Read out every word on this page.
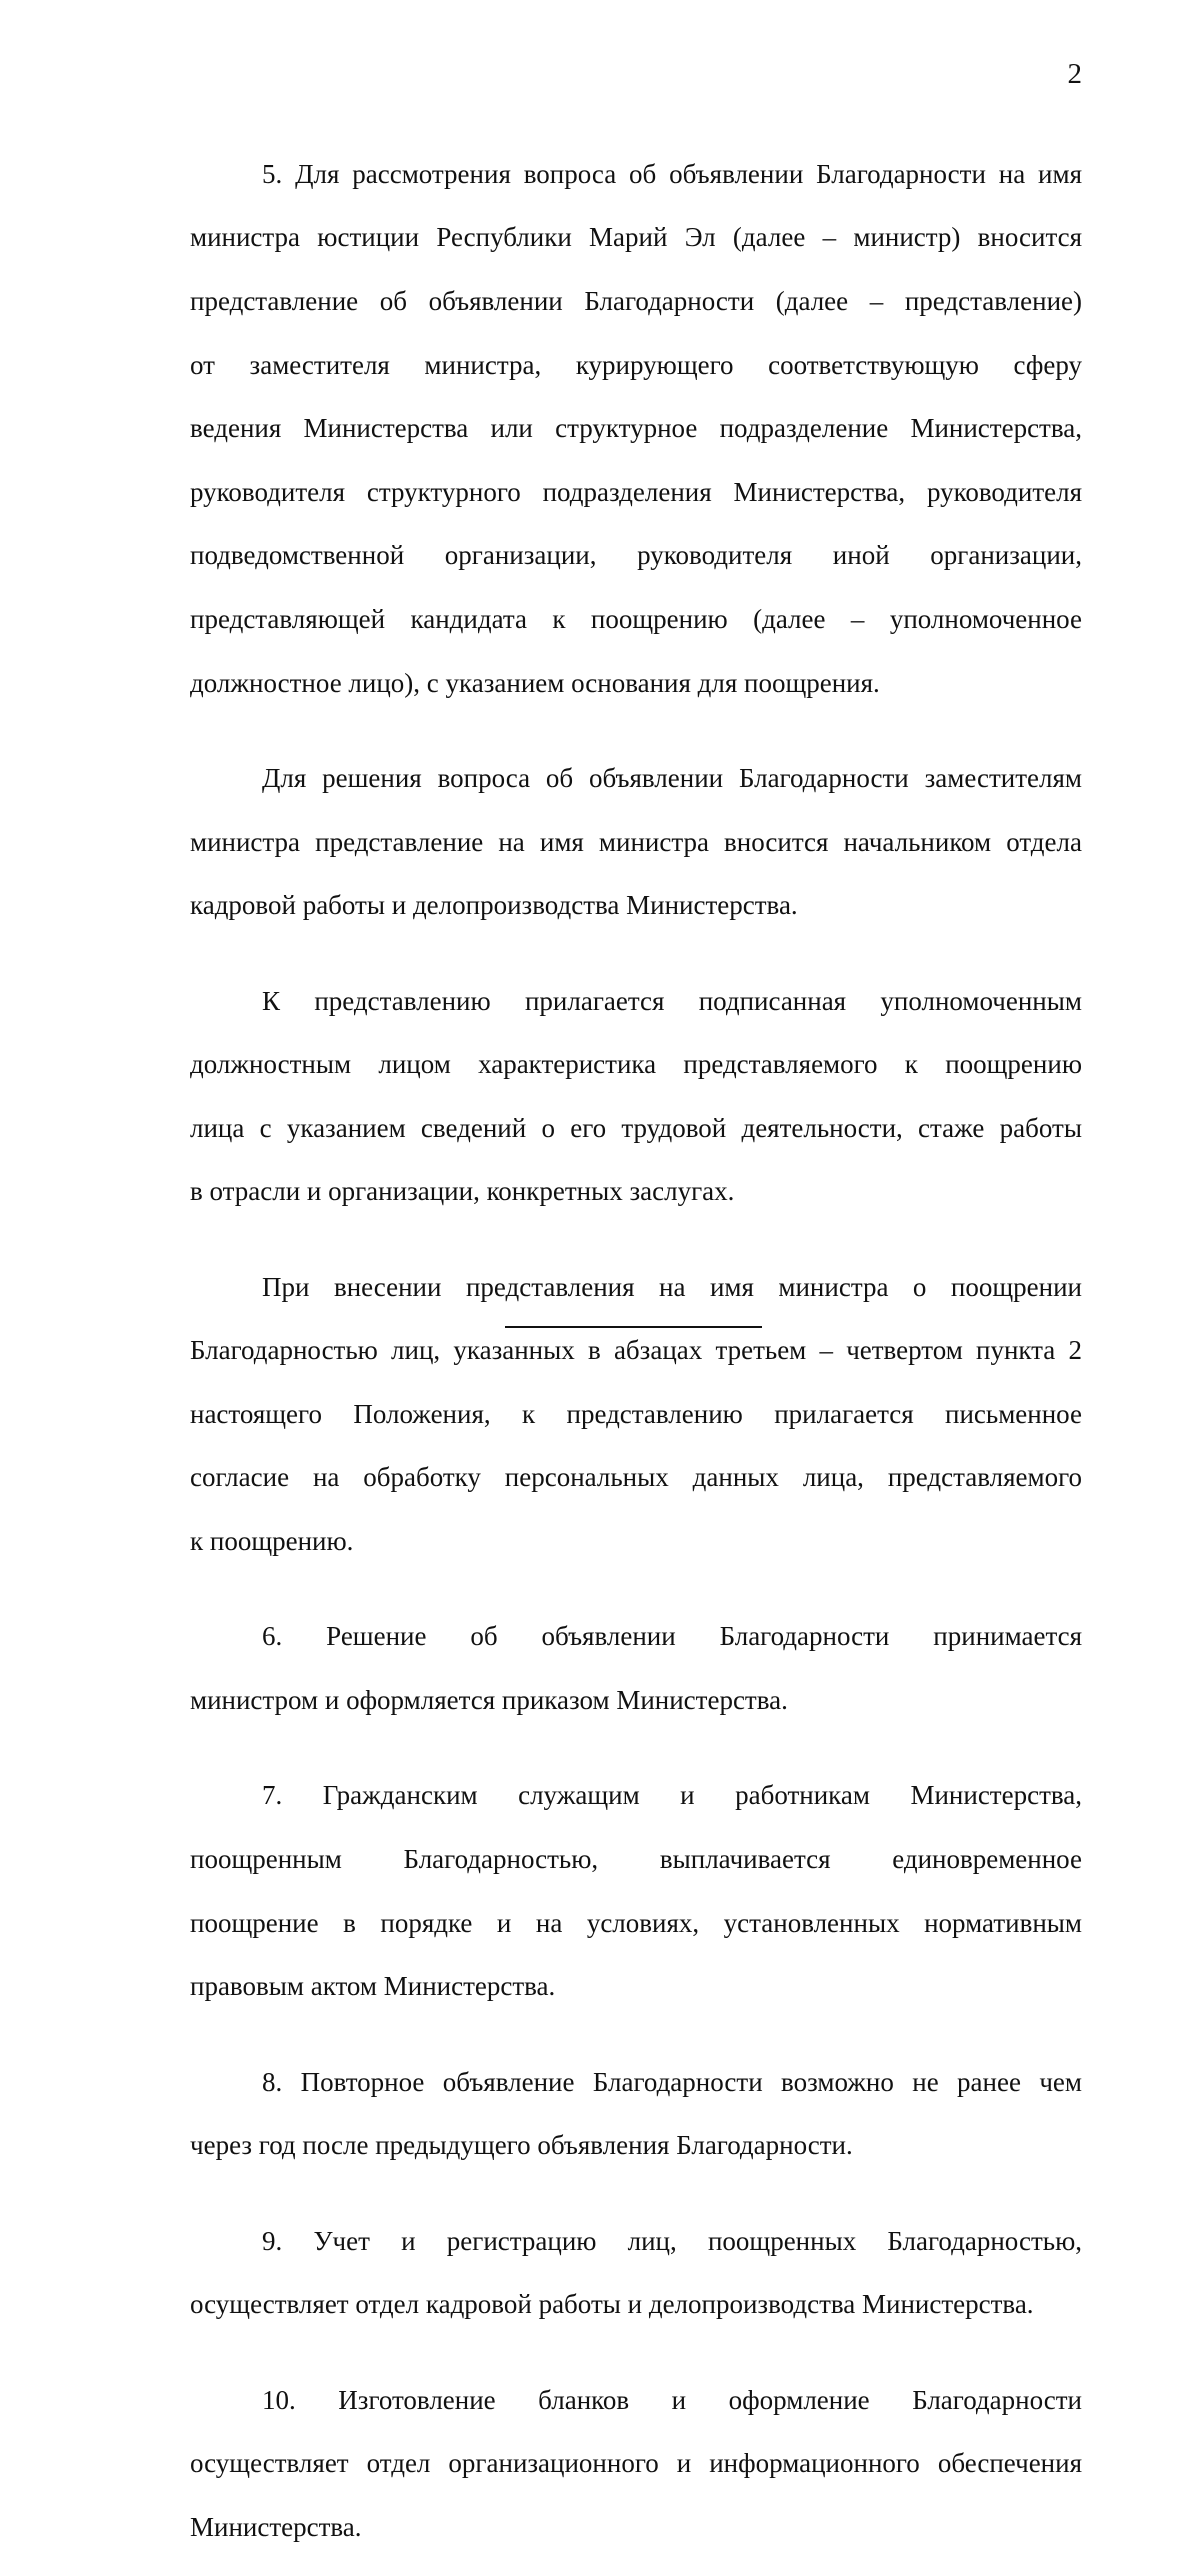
2

5. Для рассмотрения вопроса об объявлении Благодарности на имя

министра юстиции Республики Марий Эл (далее – министр) вносится

представление об объявлении Благодарности (далее – представление)

от заместителя министра, курирующего соответствующую сферу

ведения Министерства или структурное подразделение Министерства,

руководителя структурного подразделения Министерства, руководителя

подведомственной организации, руководителя иной организации,

представляющей кандидата к поощрению (далее – уполномоченное

должностное лицо), с указанием основания для поощрения.

Для решения вопроса об объявлении Благодарности заместителям

министра представление на имя министра вносится начальником отдела

кадровой работы и делопроизводства Министерства.

К представлению прилагается подписанная уполномоченным

должностным лицом характеристика представляемого к поощрению

лица с указанием сведений о его трудовой деятельности, стаже работы

в отрасли и организации, конкретных заслугах.

При внесении представления на имя министра о поощрении

Благодарностью лиц, указанных в абзацах третьем – четвертом пункта 2

настоящего Положения, к представлению прилагается письменное

согласие на обработку персональных данных лица, представляемого

к поощрению.

6. Решение об объявлении Благодарности принимается

министром и оформляется приказом Министерства.

7. Гражданским служащим и работникам Министерства,

поощренным Благодарностью, выплачивается единовременное

поощрение в порядке и на условиях, установленных нормативным

правовым актом Министерства.

8. Повторное объявление Благодарности возможно не ранее чем

через год после предыдущего объявления Благодарности.

9. Учет и регистрацию лиц, поощренных Благодарностью,

осуществляет отдел кадровой работы и делопроизводства Министерства.

10. Изготовление бланков и оформление Благодарности

осуществляет отдел организационного и информационного обеспечения

Министерства.
